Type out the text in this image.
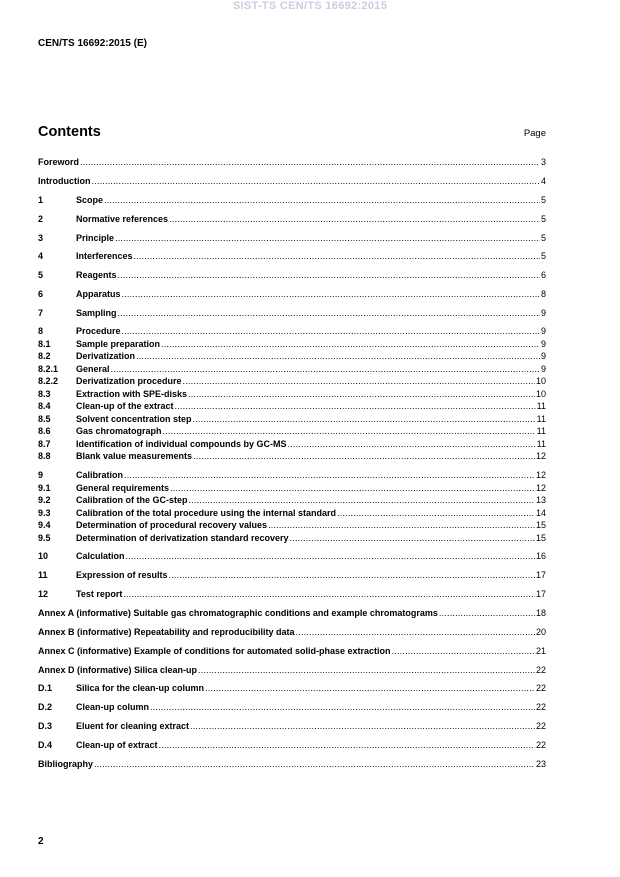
SIST-TS CEN/TS 16692:2015
CEN/TS 16692:2015 (E)
Contents	Page
Foreword .....	3
Introduction .....	4
1	Scope .....	5
2	Normative references .....	5
3	Principle .....	5
4	Interferences .....	5
5	Reagents .....	6
6	Apparatus .....	8
7	Sampling .....	9
8	Procedure .....	9
8.1	Sample preparation .....	9
8.2	Derivatization .....	9
8.2.1	General .....	9
8.2.2	Derivatization procedure .....	10
8.3	Extraction with SPE-disks .....	10
8.4	Clean-up of the extract .....	11
8.5	Solvent concentration step .....	11
8.6	Gas chromatograph .....	11
8.7	Identification of individual compounds by GC-MS .....	11
8.8	Blank value measurements .....	12
9	Calibration .....	12
9.1	General requirements .....	12
9.2	Calibration of the GC-step .....	13
9.3	Calibration of the total procedure using the internal standard .....	14
9.4	Determination of procedural recovery values .....	15
9.5	Determination of derivatization standard recovery .....	15
10	Calculation .....	16
11	Expression of results .....	17
12	Test report .....	17
Annex A (informative) Suitable gas chromatographic conditions and example chromatograms .....	18
Annex B (informative) Repeatability and reproducibility data .....	20
Annex C (informative) Example of conditions for automated solid-phase extraction .....	21
Annex D (informative) Silica clean-up .....	22
D.1	Silica for the clean-up column .....	22
D.2	Clean-up column .....	22
D.3	Eluent for cleaning extract .....	22
D.4	Clean-up of extract .....	22
Bibliography .....	23
2
